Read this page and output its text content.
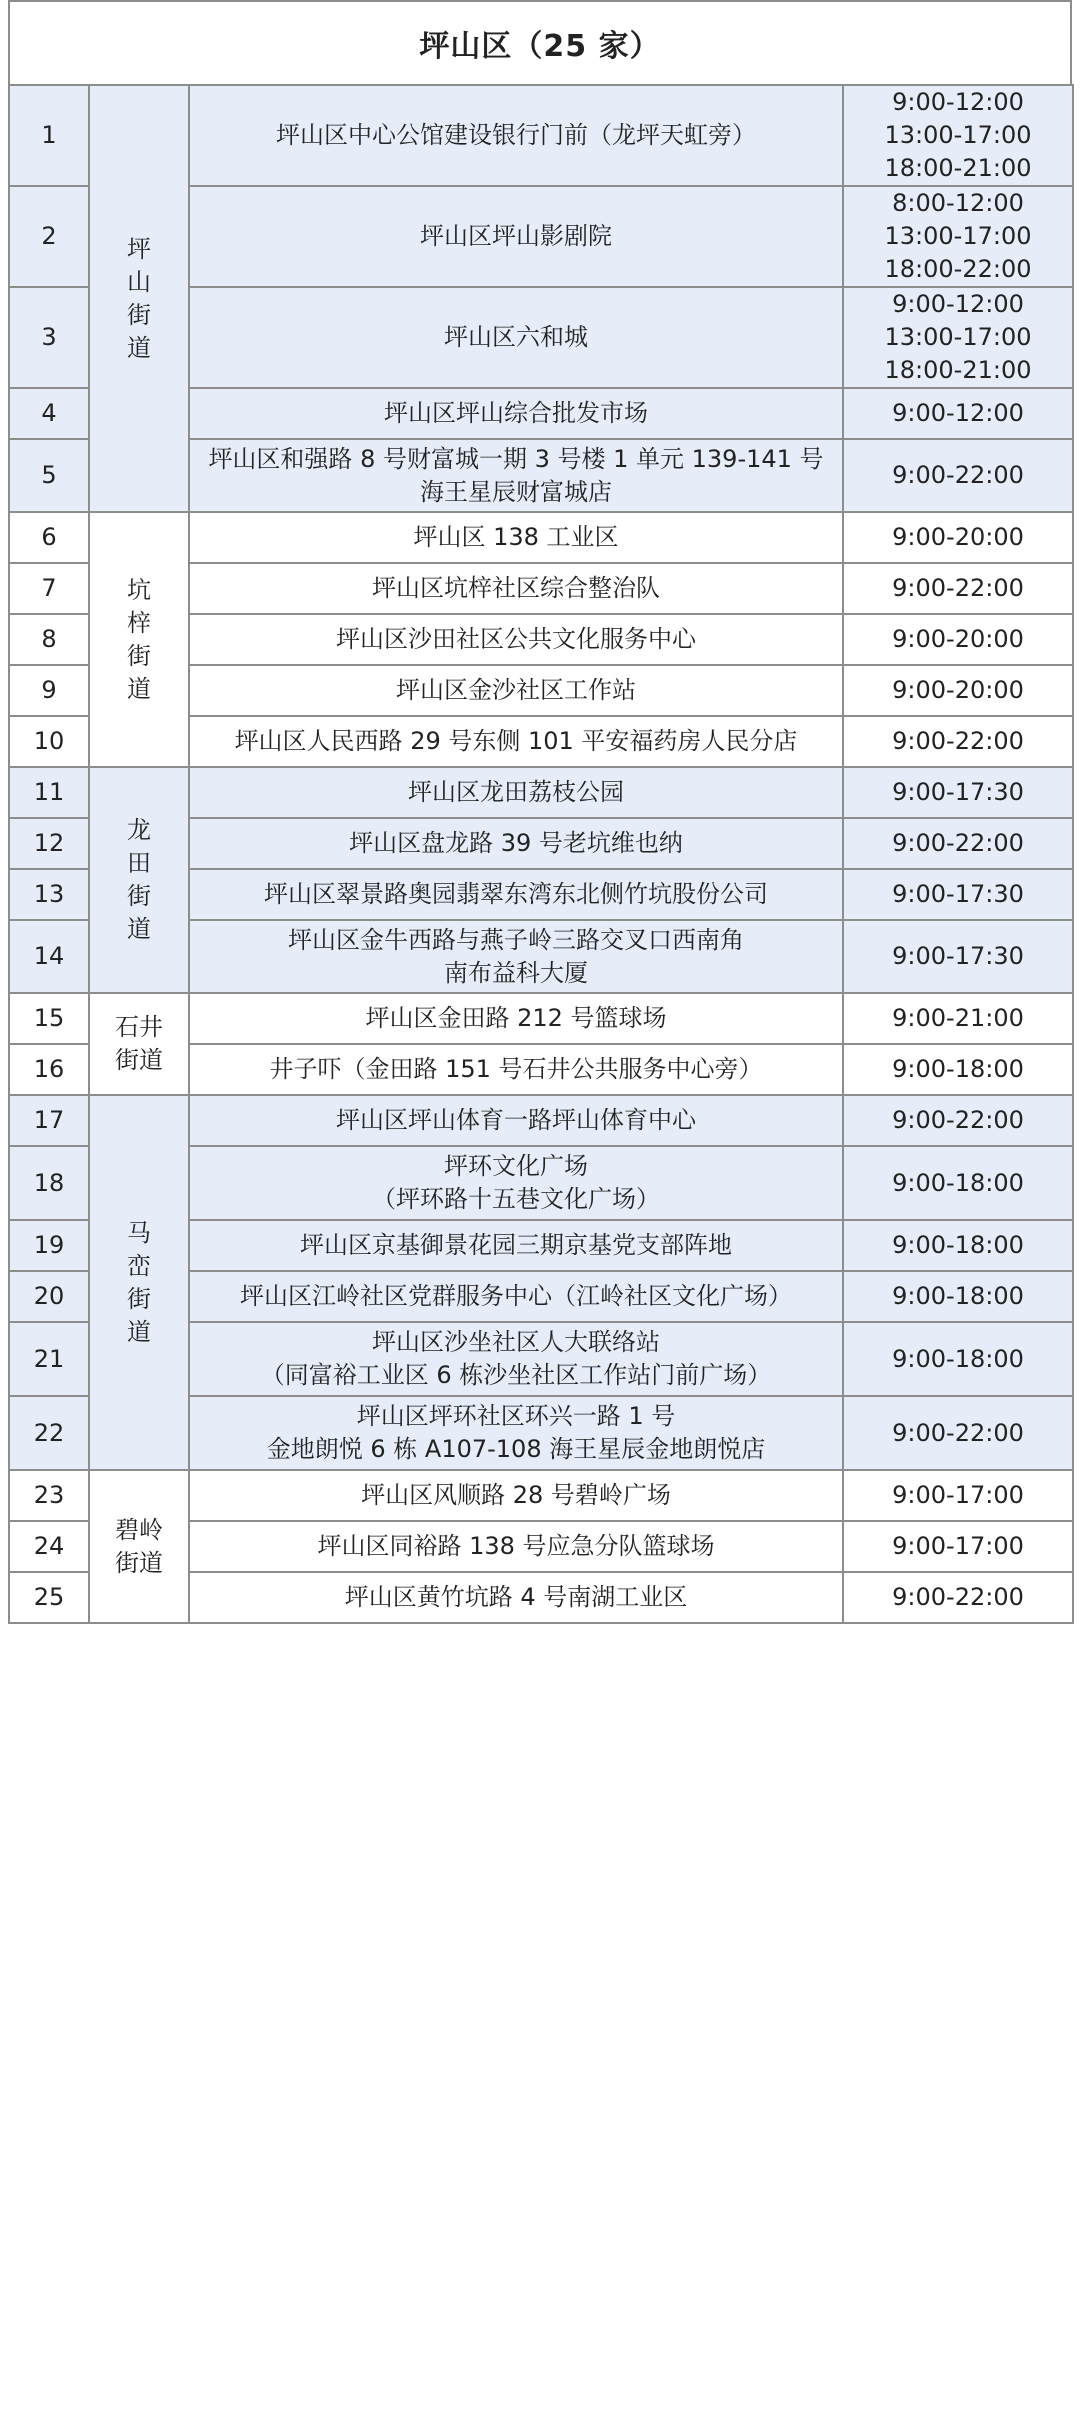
坪山区（25 家）
1	坪
山
街
道	坪山区中心公馆建设银行门前（龙坪天虹旁）	9:00-12:00
13:00-17:00
18:00-21:00

2		坪山区坪山影剧院	8:00-12:00
13:00-17:00
18:00-22:00

3		坪山区六和城	9:00-12:00
13:00-17:00
18:00-21:00

4		坪山区坪山综合批发市场	9:00-12:00

5		坪山区和强路 8 号财富城一期 3 号楼 1 单元 139-141 号
海王星辰财富城店	9:00-22:00

6	坑
梓
街
道	坪山区 138 工业区	9:00-20:00

7		坪山区坑梓社区综合整治队	9:00-22:00

8		坪山区沙田社区公共文化服务中心	9:00-20:00

9		坪山区金沙社区工作站	9:00-20:00

10		坪山区人民西路 29 号东侧 101 平安福药房人民分店	9:00-22:00

11	龙
田
街
道	坪山区龙田荔枝公园	9:00-17:30

12		坪山区盘龙路 39 号老坑维也纳	9:00-22:00

13		坪山区翠景路奥园翡翠东湾东北侧竹坑股份公司	9:00-17:30

14		坪山区金牛西路与燕子岭三路交叉口西南角
南布益科大厦	9:00-17:30

15	石井
街道	坪山区金田路 212 号篮球场	9:00-21:00

16		井子吓（金田路 151 号石井公共服务中心旁）	9:00-18:00

17	马
峦
街
道	坪山区坪山体育一路坪山体育中心	9:00-22:00

18		坪环文化广场
（坪环路十五巷文化广场）	9:00-18:00

19		坪山区京基御景花园三期京基党支部阵地	9:00-18:00

20		坪山区江岭社区党群服务中心（江岭社区文化广场）	9:00-18:00

21		坪山区沙坐社区人大联络站
（同富裕工业区 6 栋沙坐社区工作站门前广场）	9:00-18:00

22		坪山区坪环社区环兴一路 1 号
金地朗悦 6 栋 A107-108 海王星辰金地朗悦店	9:00-22:00

23	碧岭
街道	坪山区风顺路 28 号碧岭广场	9:00-17:00

24		坪山区同裕路 138 号应急分队篮球场	9:00-17:00

25		坪山区黄竹坑路 4 号南湖工业区	9:00-22:00
